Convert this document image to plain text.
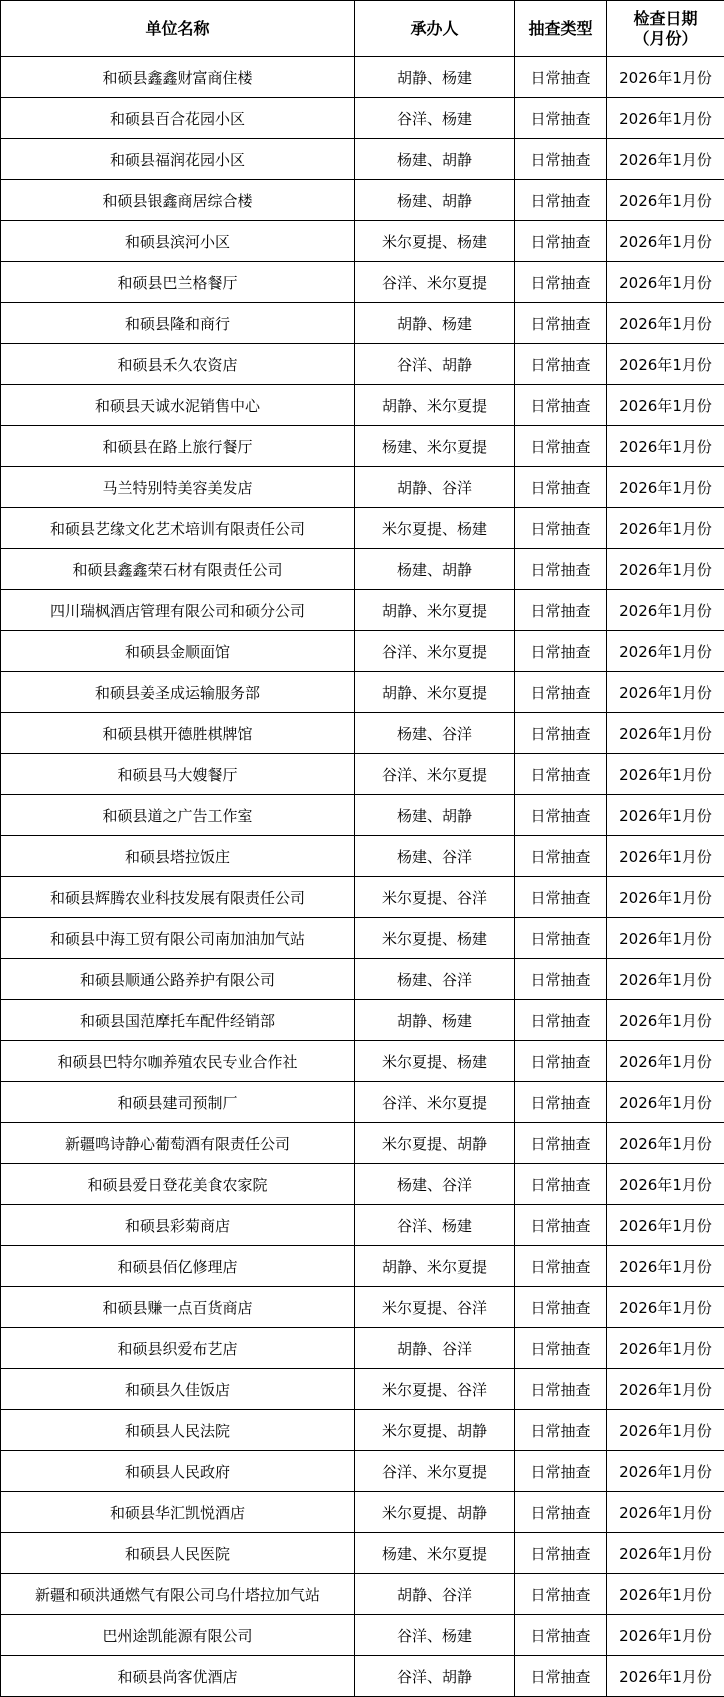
单位名称	承办人	抽查类型	检查日期
（月份）

和硕县鑫鑫财富商住楼	胡静、杨建	日常抽查	2026年1月份
和硕县百合花园小区	谷洋、杨建	日常抽查	2026年1月份
和硕县福润花园小区	杨建、胡静	日常抽查	2026年1月份
和硕县银鑫商居综合楼	杨建、胡静	日常抽查	2026年1月份
和硕县滨河小区	米尔夏提、杨建	日常抽查	2026年1月份
和硕县巴兰格餐厅	谷洋、米尔夏提	日常抽查	2026年1月份
和硕县隆和商行	胡静、杨建	日常抽查	2026年1月份
和硕县禾久农资店	谷洋、胡静	日常抽查	2026年1月份
和硕县天诚水泥销售中心	胡静、米尔夏提	日常抽查	2026年1月份
和硕县在路上旅行餐厅	杨建、米尔夏提	日常抽查	2026年1月份
马兰特别特美容美发店	胡静、谷洋	日常抽查	2026年1月份
和硕县艺缘文化艺术培训有限责任公司	米尔夏提、杨建	日常抽查	2026年1月份
和硕县鑫鑫荣石材有限责任公司	杨建、胡静	日常抽查	2026年1月份
四川瑞枫酒店管理有限公司和硕分公司	胡静、米尔夏提	日常抽查	2026年1月份
和硕县金顺面馆	谷洋、米尔夏提	日常抽查	2026年1月份
和硕县姜圣成运输服务部	胡静、米尔夏提	日常抽查	2026年1月份
和硕县棋开德胜棋牌馆	杨建、谷洋	日常抽查	2026年1月份
和硕县马大嫂餐厅	谷洋、米尔夏提	日常抽查	2026年1月份
和硕县道之广告工作室	杨建、胡静	日常抽查	2026年1月份
和硕县塔拉饭庄	杨建、谷洋	日常抽查	2026年1月份
和硕县辉腾农业科技发展有限责任公司	米尔夏提、谷洋	日常抽查	2026年1月份
和硕县中海工贸有限公司南加油加气站	米尔夏提、杨建	日常抽查	2026年1月份
和硕县顺通公路养护有限公司	杨建、谷洋	日常抽查	2026年1月份
和硕县国范摩托车配件经销部	胡静、杨建	日常抽查	2026年1月份
和硕县巴特尔咖养殖农民专业合作社	米尔夏提、杨建	日常抽查	2026年1月份
和硕县建司预制厂	谷洋、米尔夏提	日常抽查	2026年1月份
新疆鸣诗静心葡萄酒有限责任公司	米尔夏提、胡静	日常抽查	2026年1月份
和硕县爱日登花美食农家院	杨建、谷洋	日常抽查	2026年1月份
和硕县彩菊商店	谷洋、杨建	日常抽查	2026年1月份
和硕县佰亿修理店	胡静、米尔夏提	日常抽查	2026年1月份
和硕县赚一点百货商店	米尔夏提、谷洋	日常抽查	2026年1月份
和硕县织爱布艺店	胡静、谷洋	日常抽查	2026年1月份
和硕县久佳饭店	米尔夏提、谷洋	日常抽查	2026年1月份
和硕县人民法院	米尔夏提、胡静	日常抽查	2026年1月份
和硕县人民政府	谷洋、米尔夏提	日常抽查	2026年1月份
和硕县华汇凯悦酒店	米尔夏提、胡静	日常抽查	2026年1月份
和硕县人民医院	杨建、米尔夏提	日常抽查	2026年1月份
新疆和硕洪通燃气有限公司乌什塔拉加气站	胡静、谷洋	日常抽查	2026年1月份
巴州途凯能源有限公司	谷洋、杨建	日常抽查	2026年1月份
和硕县尚客优酒店	谷洋、胡静	日常抽查	2026年1月份
